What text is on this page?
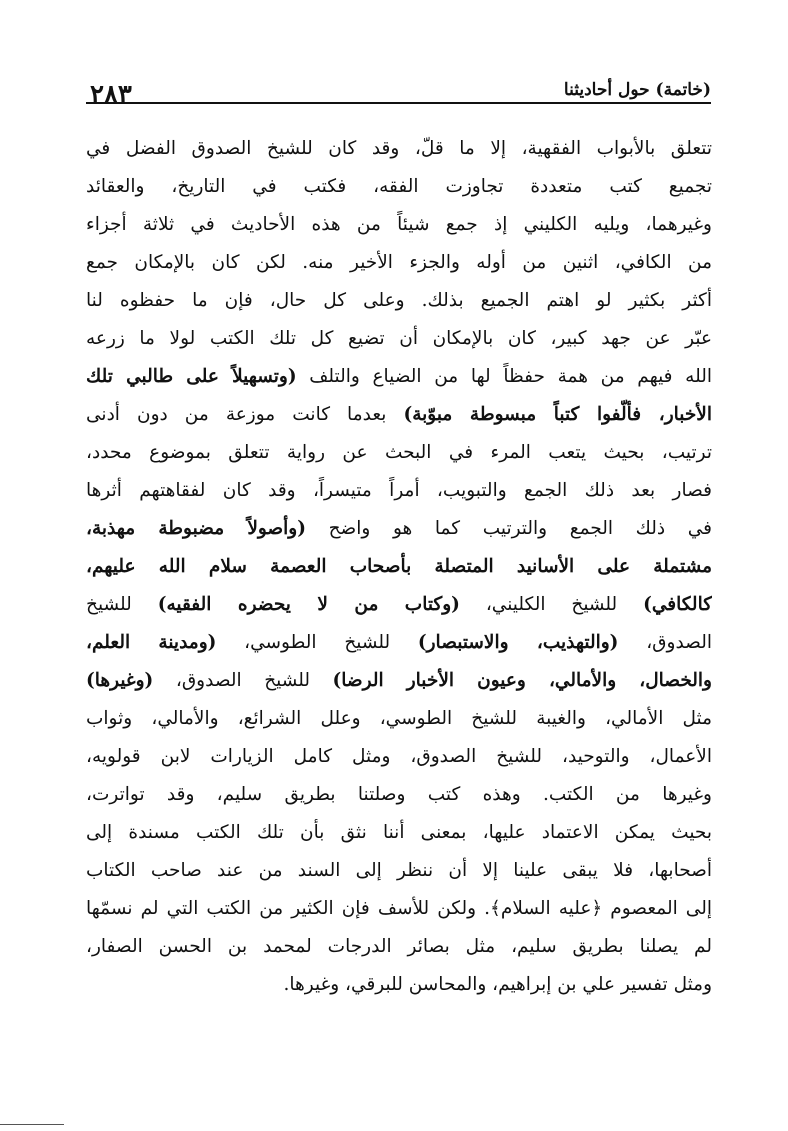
٢٨٣	(خاتمة) حول أحاديثنا
تتعلق بالأبواب الفقهية، إلا ما قلّ، وقد كان للشيخ الصدوق الفضل في
تجميع كتب متعددة تجاوزت الفقه، فكتب في التاريخ، والعقائد
وغيرهما، ويليه الكليني إذ جمع شيئاً من هذه الأحاديث في ثلاثة أجزاء
من الكافي، اثنين من أوله والجزء الأخير منه. لكن كان بالإمكان جمع
أكثر بكثير لو اهتم الجميع بذلك. وعلى كل حال، فإن ما حفظوه لنا
عبّر عن جهد كبير، كان بالإمكان أن تضيع كل تلك الكتب لولا ما زرعه
الله فيهم من همة حفظاً لها من الضياع والتلف (وتسهيلاً على طالبي تلك
الأخبار، فألّفوا كتباً مبسوطة مبوّبة) بعدما كانت موزعة من دون أدنى
ترتيب، بحيث يتعب المرء في البحث عن رواية تتعلق بموضوع محدد،
فصار بعد ذلك الجمع والتبويب، أمراً متيسراً، وقد كان لفقاهتهم أثرها
في ذلك الجمع والترتيب كما هو واضح (وأصولاً مضبوطة مهذبة،
مشتملة على الأسانيد المتصلة بأصحاب العصمة سلام الله عليهم،
كالكافي) للشيخ الكليني، (وكتاب من لا يحضره الفقيه) للشيخ
الصدوق، (والتهذيب، والاستبصار) للشيخ الطوسي، (ومدينة العلم،
والخصال، والأمالي، وعيون الأخبار الرضا) للشيخ الصدوق، (وغيرها)
مثل الأمالي، والغيبة للشيخ الطوسي، وعلل الشرائع، والأمالي، وثواب
الأعمال، والتوحيد، للشيخ الصدوق، ومثل كامل الزيارات لابن قولويه،
وغيرها من الكتب. وهذه كتب وصلتنا بطريق سليم، وقد تواترت،
بحيث يمكن الاعتماد عليها، بمعنى أننا نثق بأن تلك الكتب مسندة إلى
أصحابها، فلا يبقى علينا إلا أن ننظر إلى السند من عند صاحب الكتاب
إلى المعصوم ﴿عليه السلام﴾. ولكن للأسف فإن الكثير من الكتب التي لم نسمّها
لم يصلنا بطريق سليم، مثل بصائر الدرجات لمحمد بن الحسن الصفار،
ومثل تفسير علي بن إبراهيم، والمحاسن للبرقي، وغيرها.
